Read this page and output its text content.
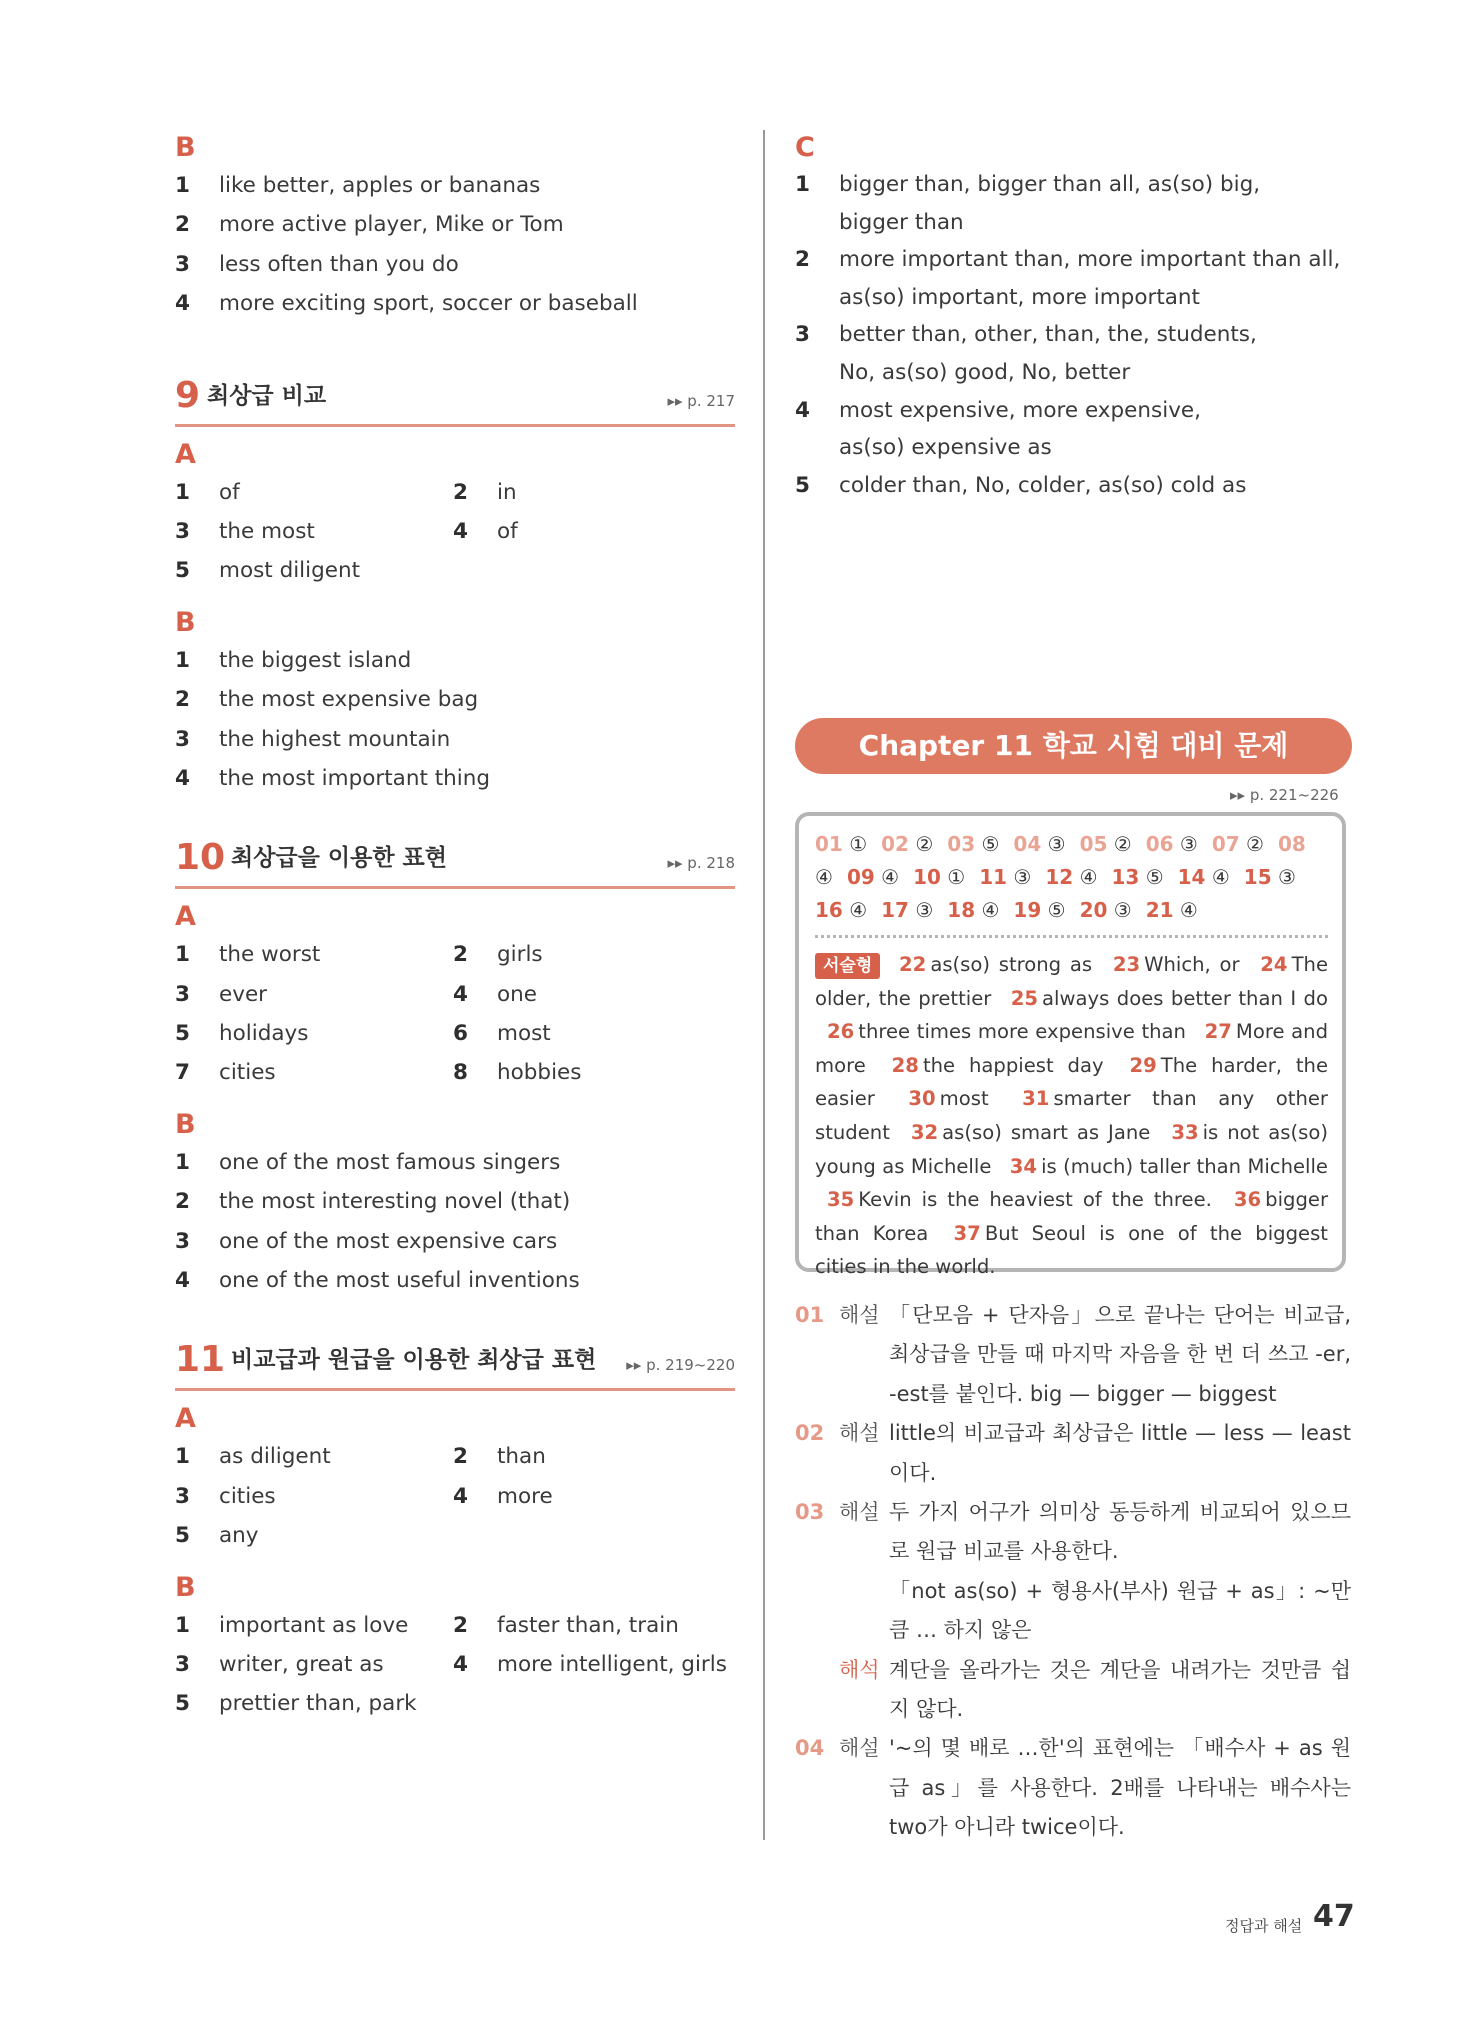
B
1	like better, apples or bananas
2	more active player, Mike or Tom
3	less often than you do
4	more exciting sport, soccer or baseball
9 최상급 비교	▸▸ p. 217
A
1	of	2	in
3	the most	4	of
5	most diligent
B
1	the biggest island
2	the most expensive bag
3	the highest mountain
4	the most important thing
10 최상급을 이용한 표현	▸▸ p. 218
A
1	the worst	2	girls
3	ever	4	one
5	holidays	6	most
7	cities	8	hobbies
B
1	one of the most famous singers
2	the most interesting novel (that)
3	one of the most expensive cars
4	one of the most useful inventions
11 비교급과 원급을 이용한 최상급 표현 ▸▸ p. 219~220
A
1	as diligent	2	than
3	cities	4	more
5	any
B
1	important as love 2	faster than, train
3	writer, great as	4	more intelligent, girls
5	prettier than, park
C
1	bigger than, bigger than all, as(so) big,
bigger than
2	more important than, more important than all,
as(so) important, more important
3	better than, other, than, the, students,
No, as(so) good, No, better
4	most expensive, more expensive,
as(so) expensive as
5	colder than, No, colder, as(so) cold as
Chapter 11 학교 시험 대비 문제
▸▸ p. 221~226
01 ① 02 ② 03 ⑤ 04 ③ 05 ② 06 ③ 07 ② 08
④ 09 ④ 10 ① 11 ③ 12 ④ 13 ⑤ 14 ④ 15 ③
16 ④ 17 ③ 18 ④ 19 ⑤ 20 ③ 21 ④
서술형 22 as(so) strong as 23 Which, or 24 The older, the prettier 25 always does better than I do 26 three times more expensive than 27 More and more 28 the happiest day 29 The harder, the easier 30 most 31 smarter than any other student 32 as(so) smart as Jane 33 is not as(so) young as Michelle 34 is (much) taller than Michelle 35 Kevin is the heaviest of the three. 36 bigger than Korea 37 But Seoul is one of the biggest cities in the world.
01 해설 「단모음 + 단자음」으로 끝나는 단어는 비교급, 최상급을 만들 때 마지막 자음을 한 번 더 쓰고 -er, -est를 붙인다. big — bigger — biggest
02 해설 little의 비교급과 최상급은 little — less — least이다.
03 해설 두 가지 어구가 의미상 동등하게 비교되어 있으므로 원급 비교를 사용한다.
「not as(so) + 형용사(부사) 원급 + as」: ~만큼 … 하지 않은
해석 계단을 올라가는 것은 계단을 내려가는 것만큼 쉽지 않다.
04 해설 '~의 몇 배로 …한'의 표현에는 「배수사 + as 원급 as」를 사용한다. 2배를 나타내는 배수사는 two가 아니라 twice이다.
정답과 해설 47
